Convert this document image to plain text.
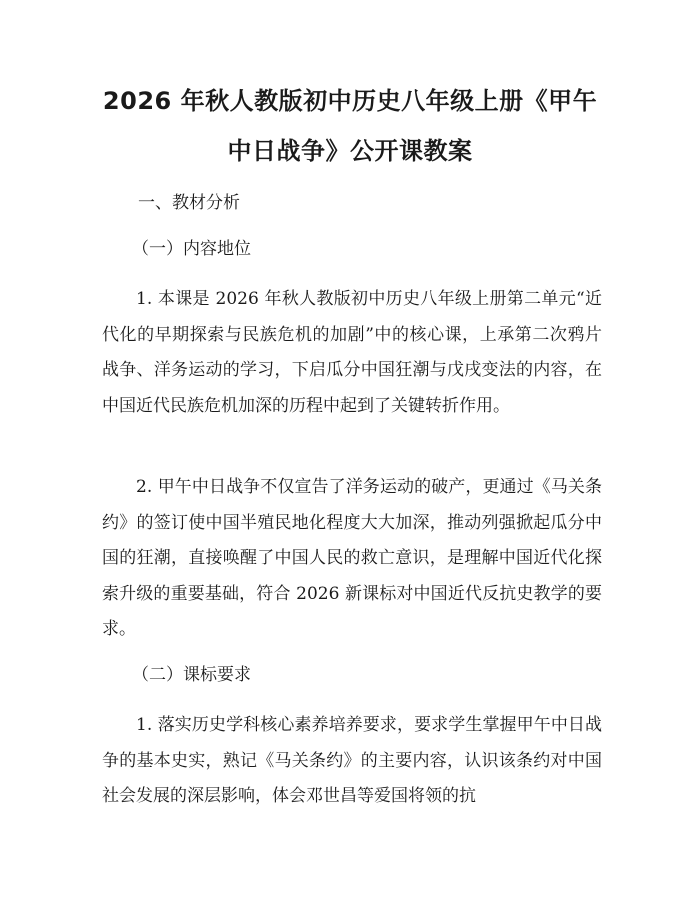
2026 年秋人教版初中历史八年级上册《甲午
中日战争》公开课教案
一、教材分析
（一）内容地位
1. 本课是 2026 年秋人教版初中历史八年级上册第二单元“近代化的早期探索与民族危机的加剧”中的核心课，上承第二次鸦片战争、洋务运动的学习，下启瓜分中国狂潮与戊戌变法的内容，在中国近代民族危机加深的历程中起到了关键转折作用。
2. 甲午中日战争不仅宣告了洋务运动的破产，更通过《马关条约》的签订使中国半殖民地化程度大大加深，推动列强掀起瓜分中国的狂潮，直接唤醒了中国人民的救亡意识，是理解中国近代化探索升级的重要基础，符合 2026 新课标对中国近代反抗史教学的要求。
（二）课标要求
1. 落实历史学科核心素养培养要求，要求学生掌握甲午中日战争的基本史实，熟记《马关条约》的主要内容，认识该条约对中国社会发展的深层影响，体会邓世昌等爱国将领的抗
